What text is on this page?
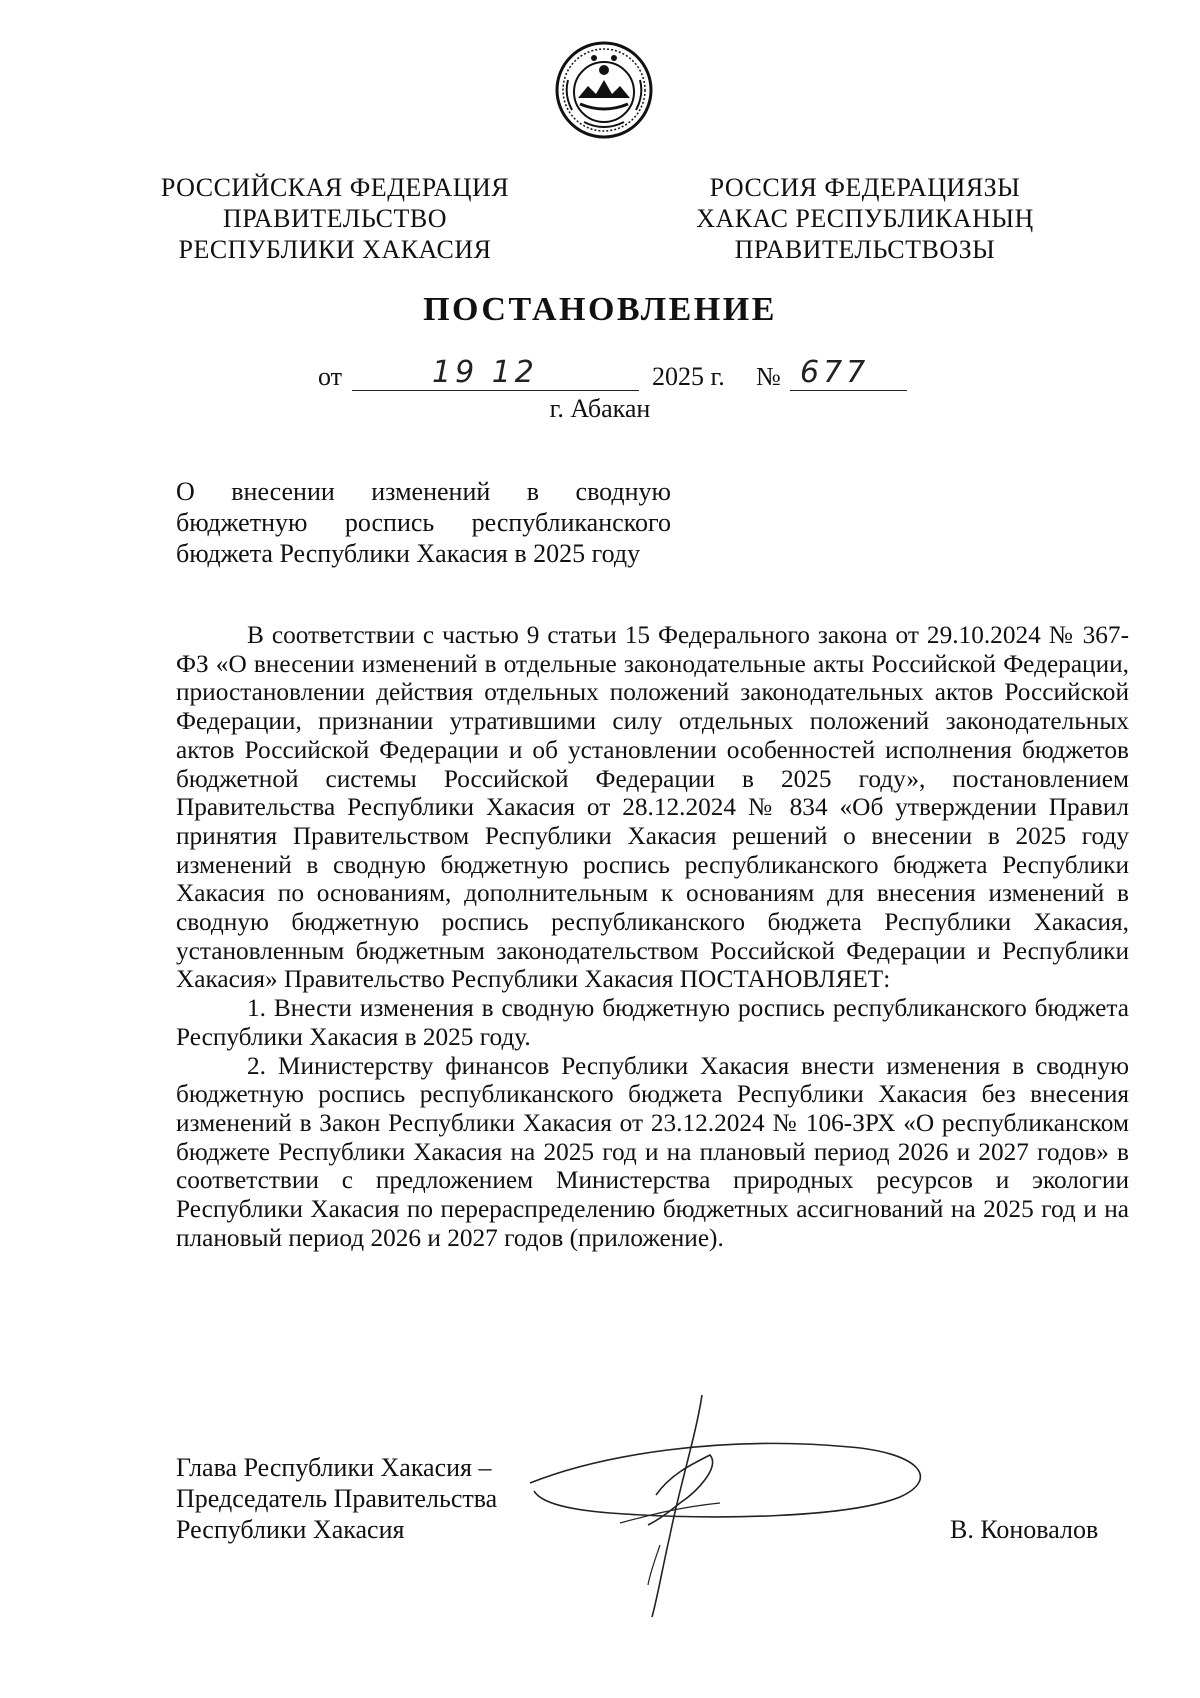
РОССИЙСКАЯ ФЕДЕРАЦИЯ
ПРАВИТЕЛЬСТВО
РЕСПУБЛИКИ ХАКАСИЯ
РОССИЯ ФЕДЕРАЦИЯЗЫ
ХАКАС РЕСПУБЛИКАНЫҢ
ПРАВИТЕЛЬСТВОЗЫ
ПОСТАНОВЛЕНИЕ
от	19 12	2025 г. № 677
г. Абакан

О внесении изменений в сводную

бюджетную роспись республиканского

бюджета Республики Хакасия в 2025 году

В соответствии с частью 9 статьи 15 Федерального закона от 29.10.2024 № 367-ФЗ «О внесении изменений в отдельные законодательные акты Российской Федерации, приостановлении действия отдельных положений законодательных актов Российской Федерации, признании утратившими силу отдельных положений законодательных актов Российской Федерации и об установлении особенностей исполнения бюджетов бюджетной системы Российской Федерации в 2025 году», постановлением Правительства Республики Хакасия от 28.12.2024 № 834 «Об утверждении Правил принятия Правительством Республики Хакасия решений о внесении в 2025 году изменений в сводную бюджетную роспись республиканского бюджета Республики Хакасия по основаниям, дополнительным к основаниям для внесения изменений в сводную бюджетную роспись республиканского бюджета Республики Хакасия, установленным бюджетным законодательством Российской Федерации и Республики Хакасия» Правительство Республики Хакасия ПОСТАНОВЛЯЕТ:

1. Внести изменения в сводную бюджетную роспись республиканского бюджета Республики Хакасия в 2025 году.

2. Министерству финансов Республики Хакасия внести изменения в сводную бюджетную роспись республиканского бюджета Республики Хакасия без внесения изменений в Закон Республики Хакасия от 23.12.2024 № 106-ЗРХ «О республиканском бюджете Республики Хакасия на 2025 год и на плановый период 2026 и 2027 годов» в соответствии с предложением Министерства природных ресурсов и экологии Республики Хакасия по перераспределению бюджетных ассигнований на 2025 год и на плановый период 2026 и 2027 годов (приложение).

Глава Республики Хакасия –
Председатель Правительства
Республики Хакасия	В. Коновалов
